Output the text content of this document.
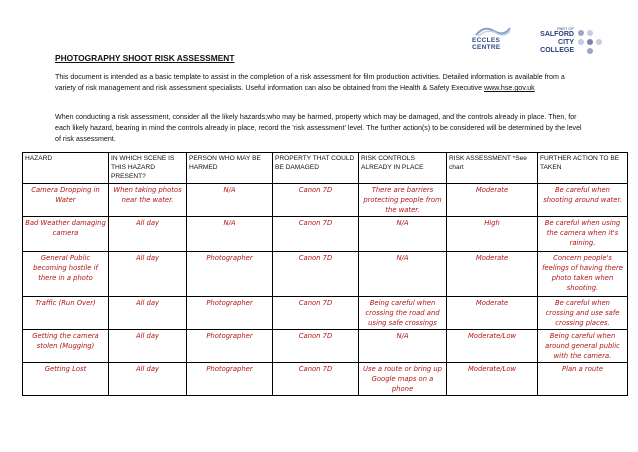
ECCLES
CENTRE
PART OF
SALFORD
CITY
COLLEGE
PHOTOGRAPHY SHOOT RISK ASSESSMENT
This document is intended as a basic template to assist in the completion of a risk assessment for film production activities. Detailed information is available from a variety of risk management and risk assessment specialists. Useful information can also be obtained from the Health & Safety Executive www.hse.gov.uk
When conducting a risk assessment, consider all the likely hazards;who may be harmed, property which may be damaged, and the controls already in place. Then, for each likely hazard, bearing in mind the controls already in place, record the 'risk assessment' level. The further action(s) to be considered will be determined by the level of risk assessment.
HAZARD	IN WHICH SCENE IS THIS HAZARD PRESENT?	PERSON WHO MAY BE HARMED	PROPERTY THAT COULD BE DAMAGED	RISK CONTROLS ALREADY IN PLACE	RISK ASSESSMENT *See chart	FURTHER ACTION TO BE TAKEN
Camera Dropping in Water	When taking photos near the water.	N/A	Canon 7D	There are barriers protecting people from the water.	Moderate	Be careful when shooting around water.
Bad Weather damaging camera	All day	N/A	Canon 7D	N/A	High	Be careful when using the camera when it's raining.
General Public becoming hostile if there in a photo	All day	Photographer	Canon 7D	N/A	Moderate	Concern people's feelings of having there photo taken when shooting.
Traffic (Run Over)	All day	Photographer	Canon 7D	Being careful when crossing the road and using safe crossings	Moderate	Be careful when crossing and use safe crossing places.
Getting the camera stolen (Mugging)	All day	Photographer	Canon 7D	N/A	Moderate/Low	Being careful when around general public with the camera.
Getting Lost	All day	Photographer	Canon 7D	Use a route or bring up Google maps on a phone	Moderate/Low	Plan a route
